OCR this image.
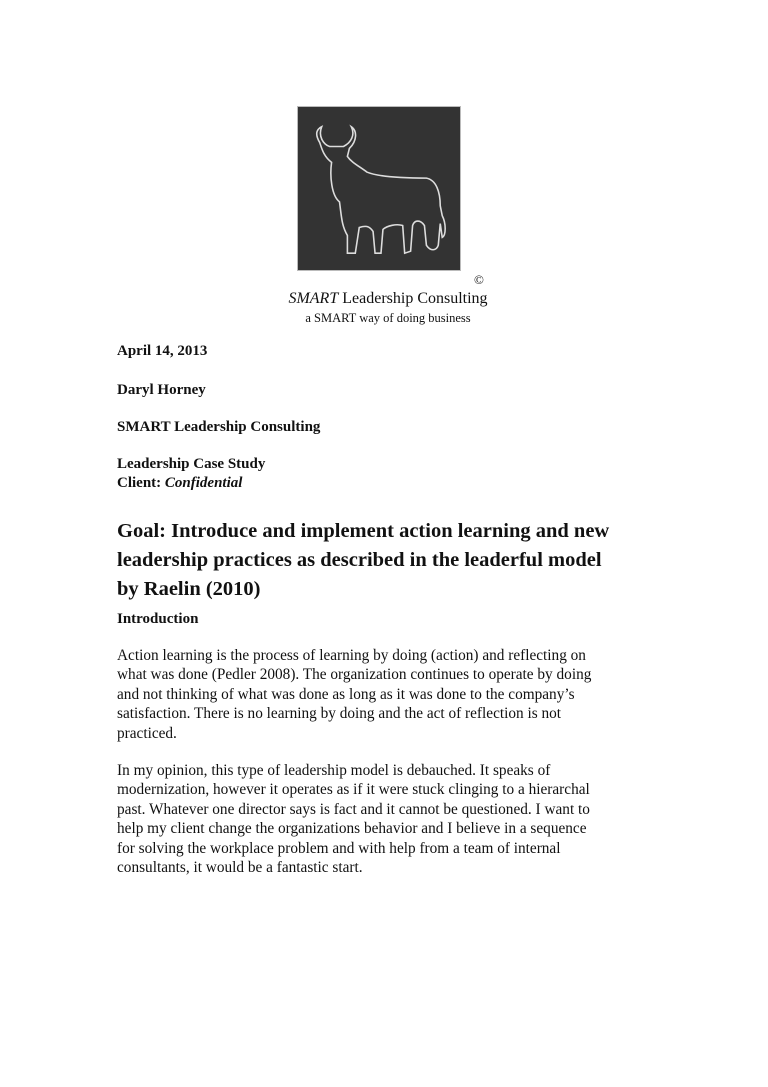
©
SMART Leadership Consulting
a SMART way of doing business
April 14, 2013
Daryl Horney
SMART Leadership Consulting
Leadership Case Study
Client: Confidential
Goal: Introduce and implement action learning and new
leadership practices as described in the leaderful model
by Raelin (2010)
Introduction
Action learning is the process of learning by doing (action) and reflecting on
what was done (Pedler 2008). The organization continues to operate by doing
and not thinking of what was done as long as it was done to the company’s
satisfaction. There is no learning by doing and the act of reflection is not
practiced.
In my opinion, this type of leadership model is debauched. It speaks of
modernization, however it operates as if it were stuck clinging to a hierarchal
past. Whatever one director says is fact and it cannot be questioned. I want to
help my client change the organizations behavior and I believe in a sequence
for solving the workplace problem and with help from a team of internal
consultants, it would be a fantastic start.
